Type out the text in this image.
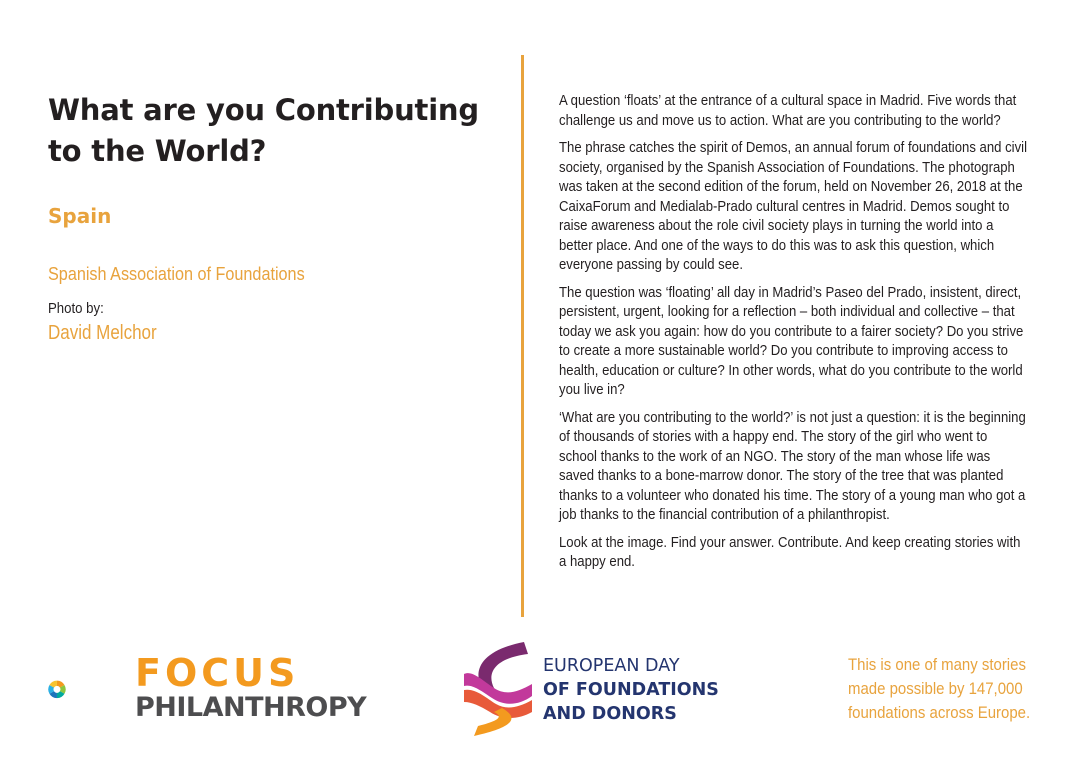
What are you Contributing to the World?
Spain
Spanish Association of Foundations
Photo by:
David Melchor

A question ‘floats’ at the entrance of a cultural space in Madrid. Five words that challenge us and move us to action. What are you contributing to the world?

The phrase catches the spirit of Demos, an annual forum of foundations and civil society, organised by the Spanish Association of Foundations. The photograph was taken at the second edition of the forum, held on November 26, 2018 at the CaixaForum and Medialab-Prado cultural centres in Madrid. Demos sought to raise awareness about the role civil society plays in turning the world into a better place. And one of the ways to do this was to ask this question, which everyone passing by could see.

The question was ‘floating’ all day in Madrid’s Paseo del Prado, insistent, direct, persistent, urgent, looking for a reflection – both individual and collective – that today we ask you again: how do you contribute to a fairer society? Do you strive to create a more sustainable world? Do you contribute to improving access to health, education or culture? In other words, what do you contribute to the world you live in?

‘What are you contributing to the world?’ is not just a question: it is the beginning of thousands of stories with a happy end. The story of the girl who went to school thanks to the work of an NGO. The story of the man whose life was saved thanks to a bone-marrow donor. The story of the tree that was planted thanks to a volunteer who donated his time. The story of a young man who got a job thanks to the financial contribution of a philanthropist.

Look at the image. Find your answer. Contribute. And keep creating stories with a happy end.

FOCUS
PHILANTHROPY
EUROPEAN DAY
OF FOUNDATIONS
AND DONORS
This is one of many stories
made possible by 147,000
foundations across Europe.
